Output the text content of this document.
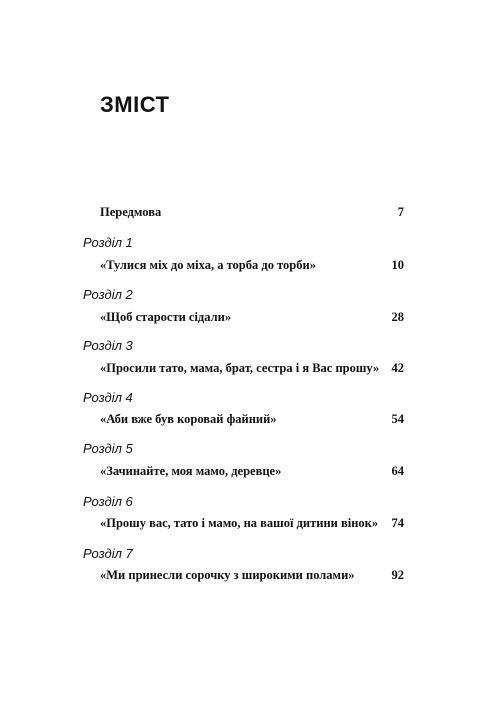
ЗМІСТ
Передмова	7
Розділ 1
«Тулися міх до міха, а торба до торби»	10
Розділ 2
«Щоб старости сідали»	28
Розділ 3
«Просили тато, мама, брат, сестра і я Вас прошу» 42
Розділ 4
«Аби вже був коровай файний»	54
Розділ 5
«Зачинайте, моя мамо, деревце»	64
Розділ 6
«Прошу вас, тато і мамо, на вашої дитини вінок» 74
Розділ 7
«Ми принесли сорочку з широкими полами»	92
